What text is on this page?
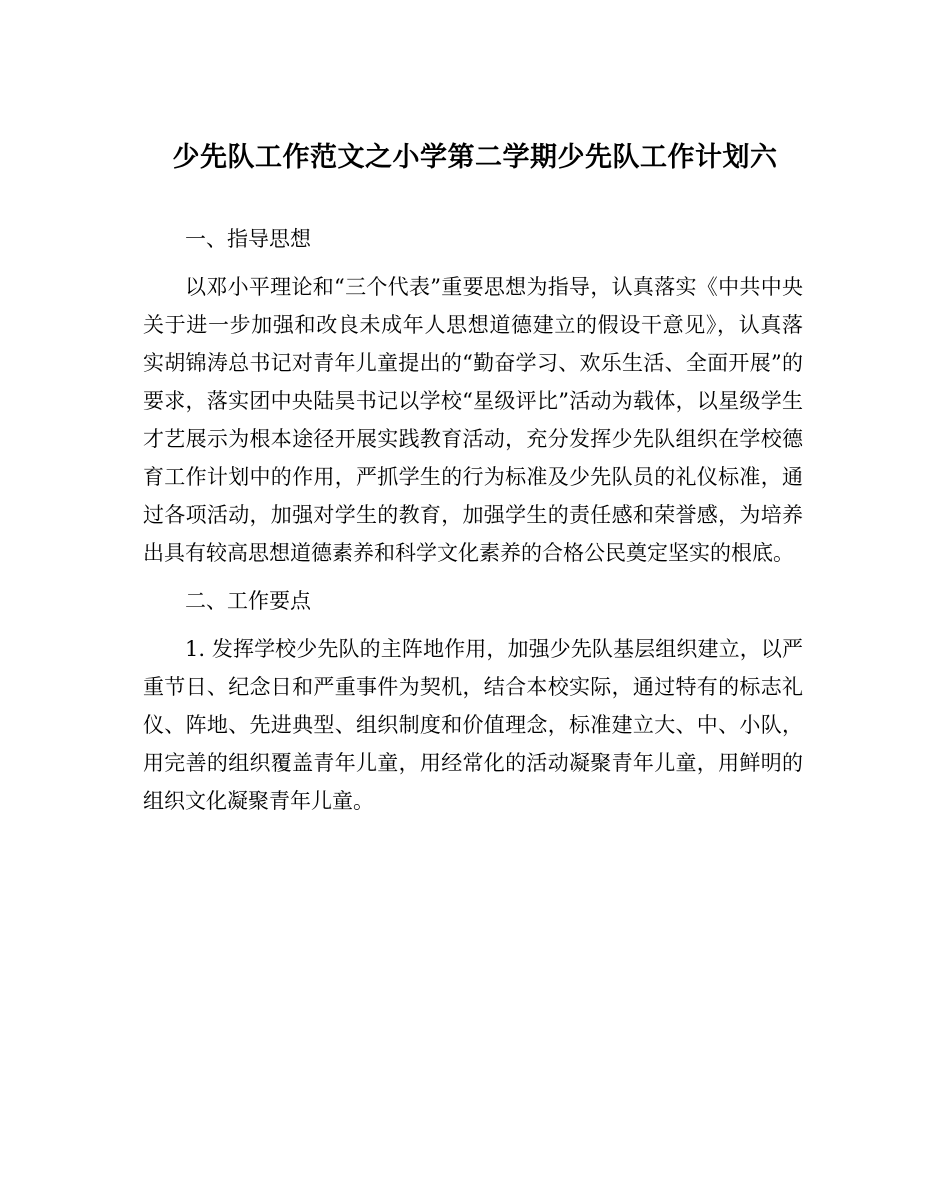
少先队工作范文之小学第二学期少先队工作计划六

一、指导思想

以邓小平理论和“三个代表”重要思想为指导，认真落实《中共中央关于进一步加强和改良未成年人思想道德建立的假设干意见》，认真落实胡锦涛总书记对青年儿童提出的“勤奋学习、欢乐生活、全面开展”的要求，落实团中央陆昊书记以学校“星级评比”活动为载体，以星级学生才艺展示为根本途径开展实践教育活动，充分发挥少先队组织在学校德育工作计划中的作用，严抓学生的行为标准及少先队员的礼仪标准，通过各项活动，加强对学生的教育，加强学生的责任感和荣誉感，为培养出具有较高思想道德素养和科学文化素养的合格公民奠定坚实的根底。

二、工作要点

1. 发挥学校少先队的主阵地作用，加强少先队基层组织建立，以严重节日、纪念日和严重事件为契机，结合本校实际，通过特有的标志礼仪、阵地、先进典型、组织制度和价值理念，标准建立大、中、小队，用完善的组织覆盖青年儿童，用经常化的活动凝聚青年儿童，用鲜明的组织文化凝聚青年儿童。
